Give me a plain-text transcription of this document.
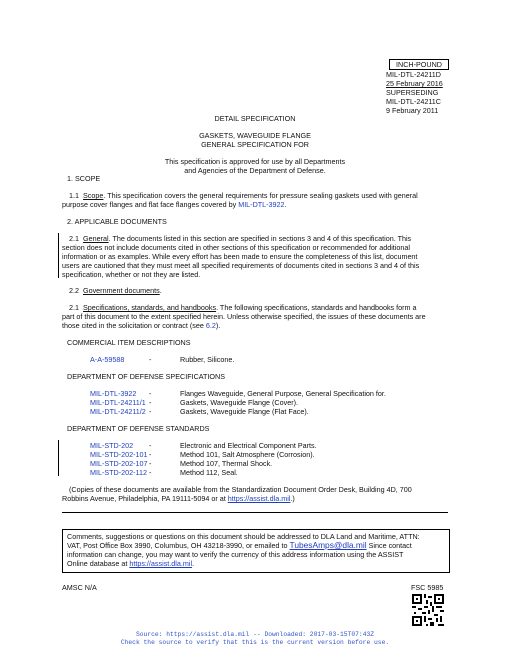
INCH-POUND
MIL-DTL-24211D
25 February 2016
SUPERSEDING
MIL-DTL-24211C
9 February 2011
DETAIL SPECIFICATION
GASKETS, WAVEGUIDE FLANGE
GENERAL SPECIFICATION FOR
This specification is approved for use by all Departments
and Agencies of the Department of Defense.
1. SCOPE
1.1 Scope. This specification covers the general requirements for pressure sealing gaskets used with general
purpose cover flanges and flat face flanges covered by MIL-DTL-3922.
2. APPLICABLE DOCUMENTS
2.1 General. The documents listed in this section are specified in sections 3 and 4 of this specification. This
section does not include documents cited in other sections of this specification or recommended for additional
information or as examples. While every effort has been made to ensure the completeness of this list, document
users are cautioned that they must meet all specified requirements of documents cited in sections 3 and 4 of this
specification, whether or not they are listed.
2.2 Government documents.
2.1 Specifications, standards, and handbooks. The following specifications, standards and handbooks form a
part of this document to the extent specified herein. Unless otherwise specified, the issues of these documents are
those cited in the solicitation or contract (see 6.2).
COMMERCIAL ITEM DESCRIPTIONS
A-A-59588	-	Rubber, Silicone.
DEPARTMENT OF DEFENSE SPECIFICATIONS
MIL-DTL-3922 -	Flanges Waveguide, General Purpose, General Specification for.
MIL-DTL-24211/1 -	Gaskets, Waveguide Flange (Cover).
MIL-DTL-24211/2 -	Gaskets, Waveguide Flange (Flat Face).
DEPARTMENT OF DEFENSE STANDARDS
MIL-STD-202 -	Electronic and Electrical Component Parts.
MIL-STD-202-101 -	Method 101, Salt Atmosphere (Corrosion).
MIL-STD-202-107 -	Method 107, Thermal Shock.
MIL-STD-202-112 -	Method 112, Seal.
(Copies of these documents are available from the Standardization Document Order Desk, Building 4D, 700
Robbins Avenue, Philadelphia, PA 19111-5094 or at https://assist.dla.mil.)
Comments, suggestions or questions on this document should be addressed to DLA Land and Maritime, ATTN:
VAT, Post Office Box 3990, Columbus, OH 43218-3990, or emailed to TubesAmps@dla.mil Since contact
information can change, you may want to verify the currency of this address information using the ASSIST
Online database at https://assist.dla.mil.
AMSC N/A	FSC 5985
Source: https://assist.dla.mil -- Downloaded: 2017-03-15T07:43Z
Check the source to verify that this is the current version before use.
